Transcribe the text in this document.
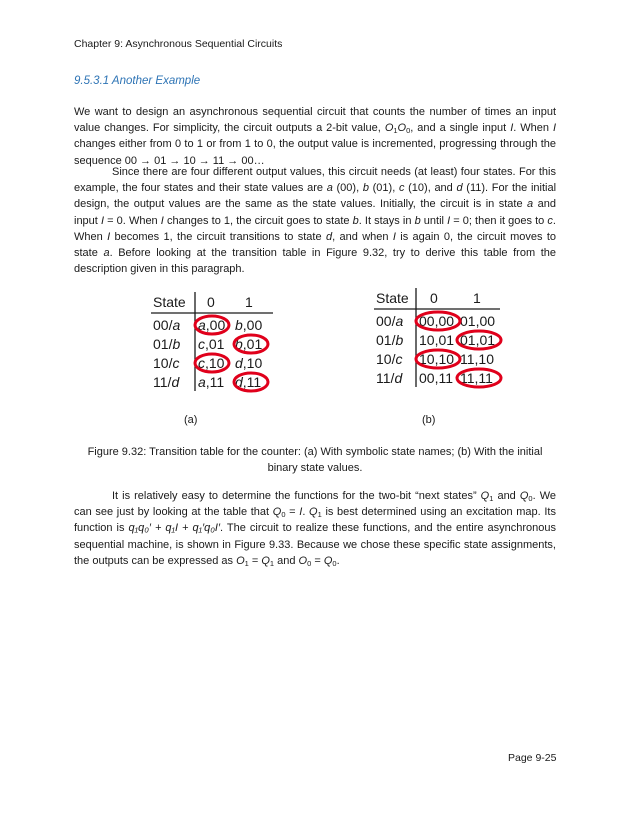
Chapter 9: Asynchronous Sequential Circuits
9.5.3.1 Another Example

We want to design an asynchronous sequential circuit that counts the number of times an input value changes. For simplicity, the circuit outputs a 2-bit value, $O_1O_0$, and a single input I. When I changes either from 0 to 1 or from 1 to 0, the output value is incremented, progressing through the sequence 00 → 01 → 10 → 11 → 00…

Since there are four different output values, this circuit needs (at least) four states. For this example, the four states and their state values are a (00), b (01), c (10), and d (11). For the initial design, the output values are the same as the state values. Initially, the circuit is in state a and input I = 0. When I changes to 1, the circuit goes to state b. It stays in b until I = 0; then it goes to c. When I becomes 1, the circuit transitions to state d, and when I is again 0, the circuit moves to state a. Before looking at the transition table in Figure 9.32, try to derive this table from the description given in this paragraph.

State 0 1
00/a a,00 b,00
01/b c,01 b,01
10/c c,10 d,10
11/d a,11 d,11
State 0	1
00/a 00,00 01,00
01/b 10,01 01,01
10/c 10,10 11,10
11/d 00,11 11,11
(a)	(b)
Figure 9.32: Transition table for the counter: (a) With symbolic state names; (b) With the initial binary state values.

It is relatively easy to determine the functions for the two-bit “next states” $Q_1$ and $Q_0$. We can see just by looking at the table that $Q_0 = I$. $Q_1$ is best determined using an excitation map. Its function is q₁q₀′ + q₁I + q₁′q₀I′. The circuit to realize these functions, and the entire asynchronous sequential machine, is shown in Figure 9.33. Because we chose these specific state assignments, the outputs can be expressed as $O_1 = Q_1$ and $O_0 = Q_0$.

Page 9-25
